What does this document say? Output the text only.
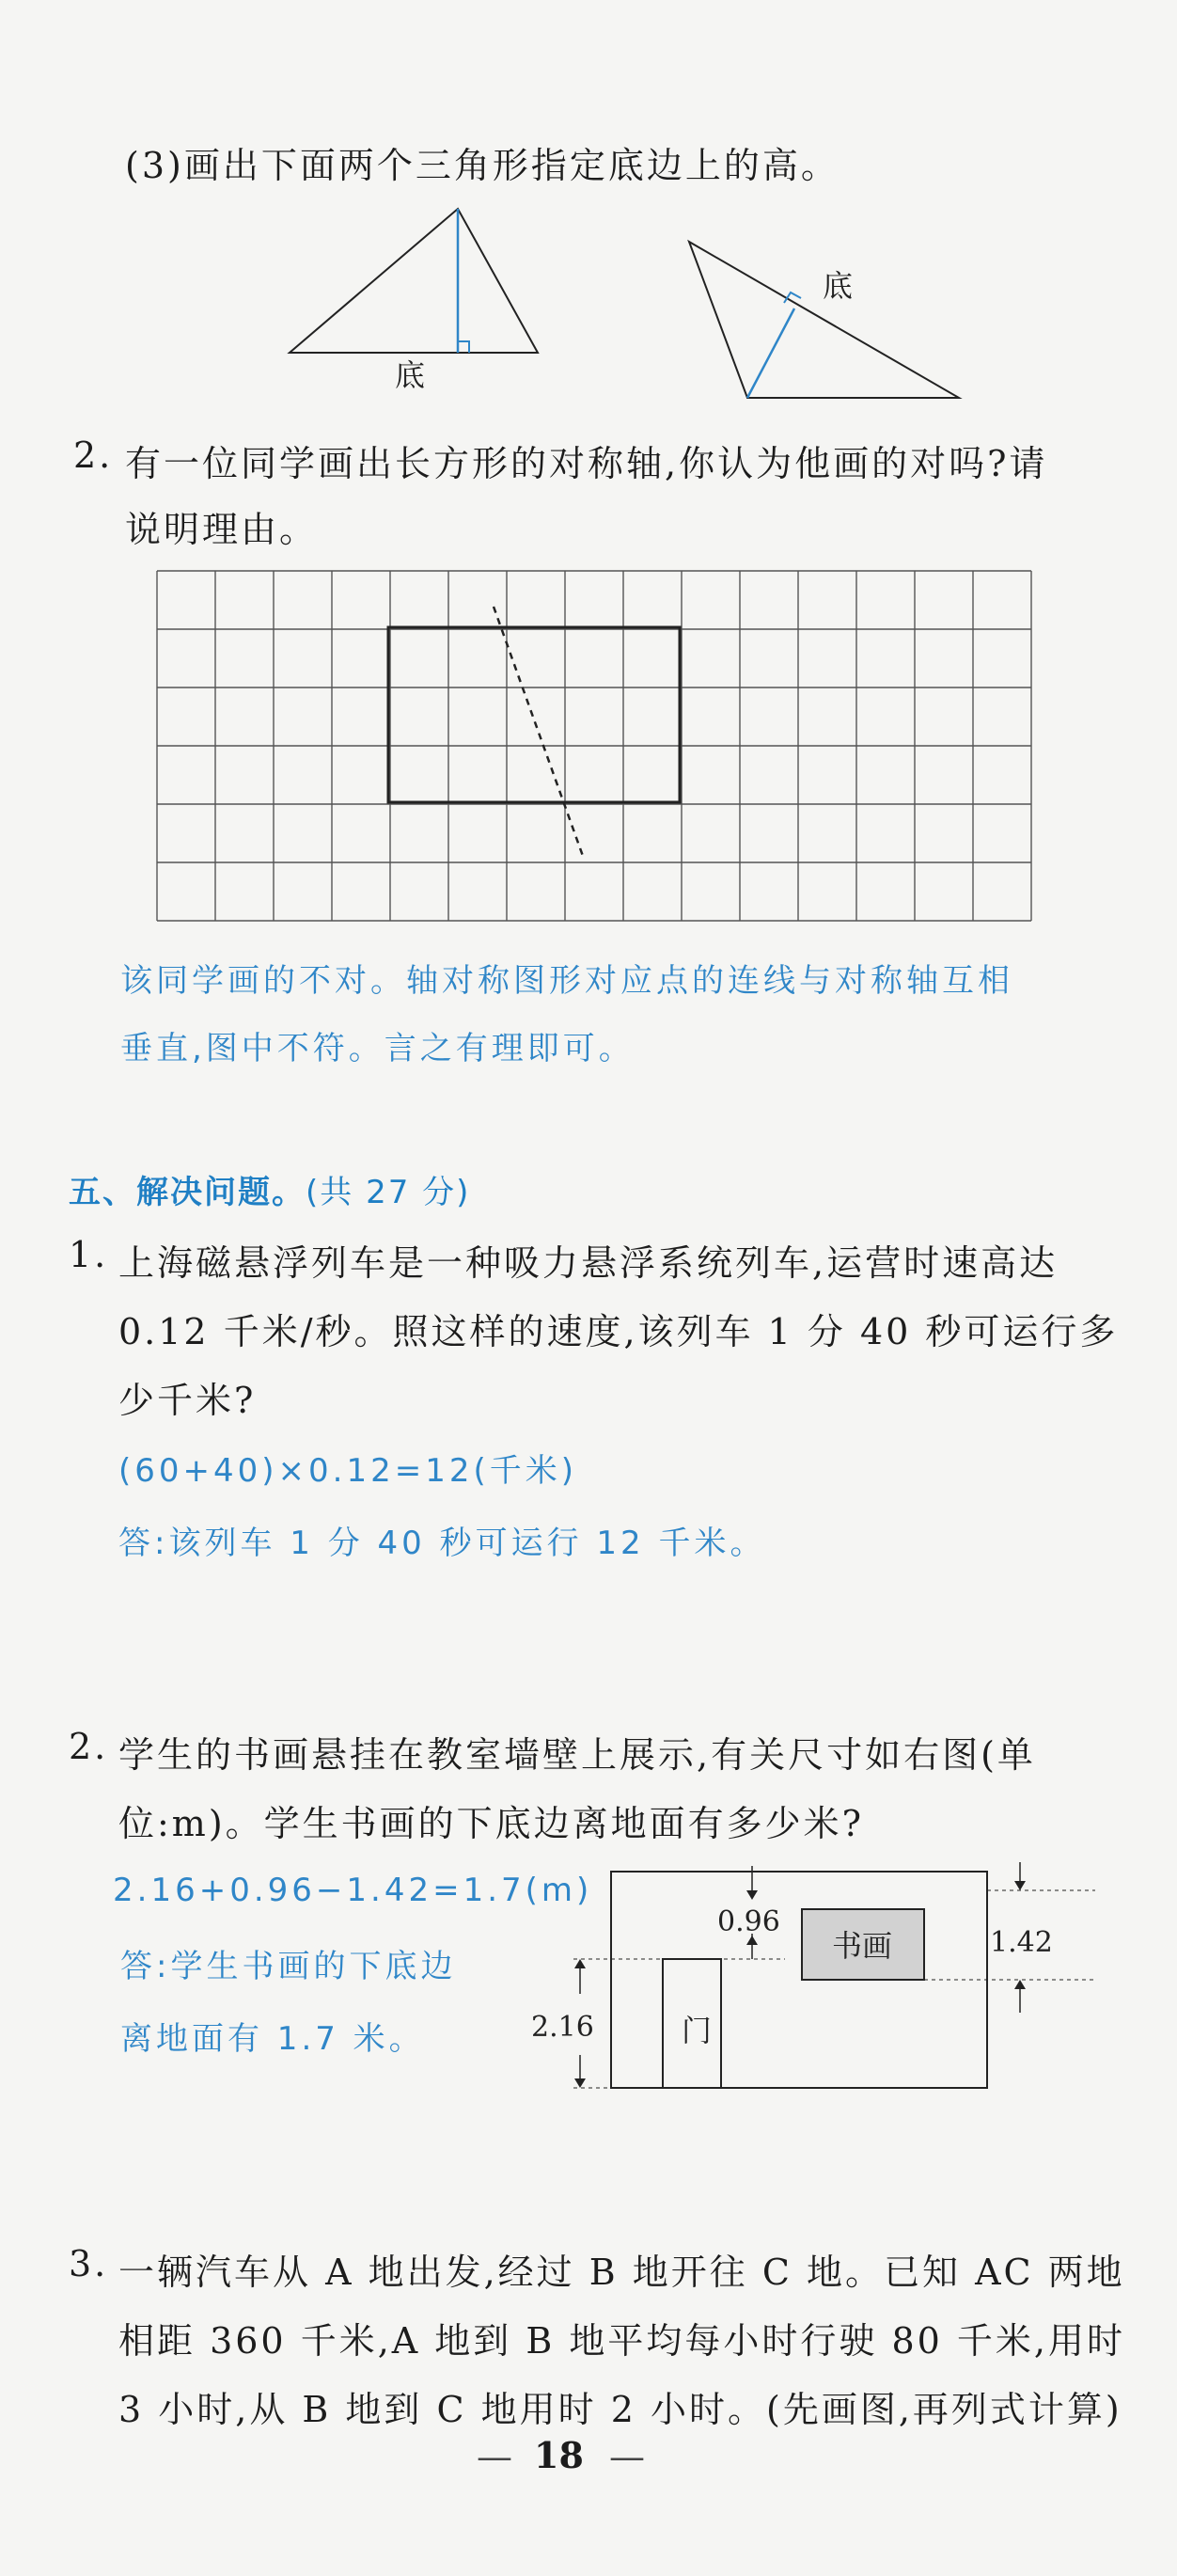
(3)画出下面两个三角形指定底边上的高。
底
底
2. 有一位同学画出长方形的对称轴,你认为他画的对吗?请
说明理由。
该同学画的不对。轴对称图形对应点的连线与对称轴互相
垂直,图中不符。言之有理即可。
五、解决问题。(共 27 分)
1. 上海磁悬浮列车是一种吸力悬浮系统列车,运营时速高达
0.12 千米/秒。照这样的速度,该列车 1 分 40 秒可运行多
少千米?
(60+40)×0.12=12(千米)
答:该列车 1 分 40 秒可运行 12 千米。
2. 学生的书画悬挂在教室墙壁上展示,有关尺寸如右图(单
位:m)。学生书画的下底边离地面有多少米?
2.16+0.96−1.42=1.7(m)
答:学生书画的下底边
离地面有 1.7 米。	门
书画
0.96
2.16
1.42
3. 一辆汽车从 A 地出发,经过 B 地开往 C 地。已知 AC 两地
相距 360 千米,A 地到 B 地平均每小时行驶 80 千米,用时
3 小时,从 B 地到 C 地用时 2 小时。(先画图,再列式计算)
— 18 —
